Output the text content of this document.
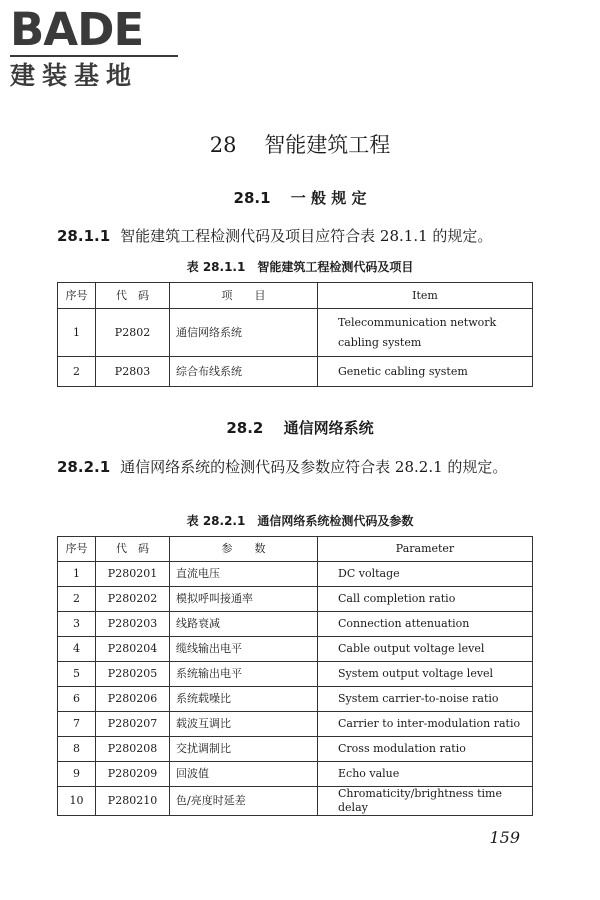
BADE
建装基地
28　 智能建筑工程
28.1　 一 般 规 定
28.1.1 智能建筑工程检测代码及项目应符合表 28.1.1 的规定。
表 28.1.1　智能建筑工程检测代码及项目
序号	代　码	项　　目	Item
1	P2802	通信网络系统	Telecommunication network cabling system
2	P2803	综合布线系统	Genetic cabling system
28.2　 通信网络系统
28.2.1 通信网络系统的检测代码及参数应符合表 28.2.1 的规定。
表 28.2.1　通信网络系统检测代码及参数
序号	代　码	参　　数	Parameter
1	P280201	直流电压	DC voltage
2	P280202	模拟呼叫接通率	Call completion ratio
3	P280203	线路衰减	Connection attenuation
4	P280204	缆线输出电平	Cable output voltage level
5	P280205	系统输出电平	System output voltage level
6	P280206	系统载噪比	System carrier-to-noise ratio
7	P280207	载波互调比	Carrier to inter-modulation ratio
8	P280208	交扰调制比	Cross modulation ratio
9	P280209	回波值	Echo value
10	P280210	色/亮度时延差	Chromaticity/brightness time delay
159
